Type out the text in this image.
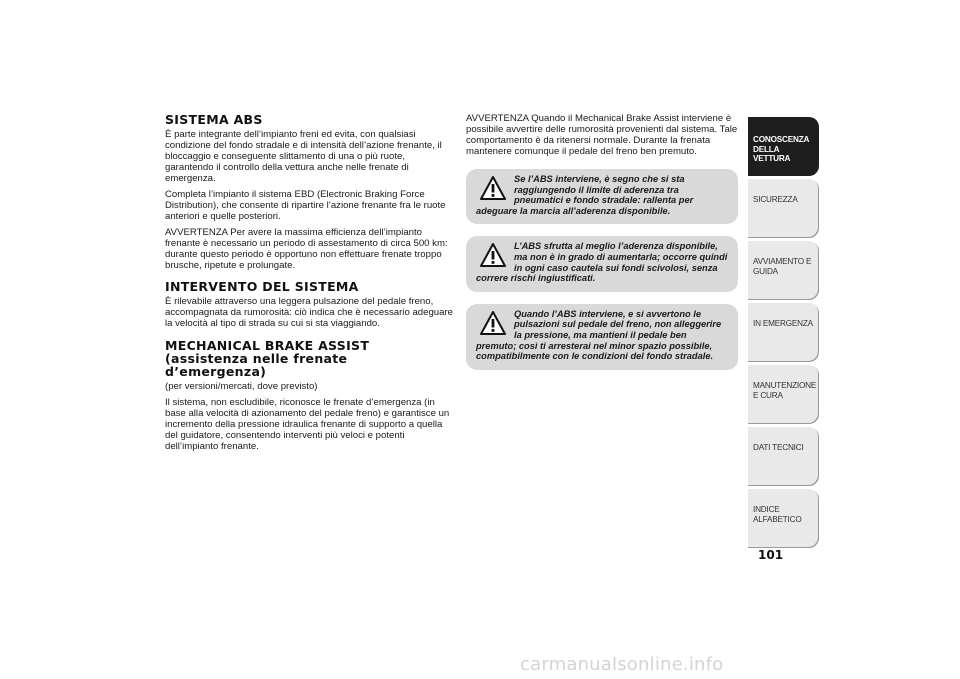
SISTEMA ABS

È parte integrante dell’impianto freni ed evita, con qualsiasi condizione del fondo stradale e di intensità dell’azione frenante, il bloccaggio e conseguente slittamento di una o più ruote, garantendo il controllo della vettura anche nelle frenate di emergenza.

Completa l’impianto il sistema EBD (Electronic Braking Force Distribution), che consente di ripartire l’azione frenante fra le ruote anteriori e quelle posteriori.

AVVERTENZA Per avere la massima efficienza dell’impianto frenante è necessario un periodo di assestamento di circa 500 km: durante questo periodo è opportuno non effettuare frenate troppo brusche, ripetute e prolungate.

INTERVENTO DEL SISTEMA

È rilevabile attraverso una leggera pulsazione del pedale freno, accompagnata da rumorosità: ciò indica che è necessario adeguare la velocità al tipo di strada su cui si sta viaggiando.

MECHANICAL BRAKE ASSIST (assistenza nelle frenate d’emergenza)

(per versioni/mercati, dove previsto)

Il sistema, non escludibile, riconosce le frenate d’emergenza (in base alla velocità di azionamento del pedale freno) e garantisce un incremento della pressione idraulica frenante di supporto a quella del guidatore, consentendo interventi più veloci e potenti dell’impianto frenante.

AVVERTENZA Quando il Mechanical Brake Assist interviene è possibile avvertire delle rumorosità provenienti dal sistema. Tale comportamento è da ritenersi normale. Durante la frenata mantenere comunque il pedale del freno ben premuto.

Se l’ABS interviene, è segno che si sta raggiungendo il limite di aderenza tra pneumatici e fondo stradale: rallenta per adeguare la marcia all’aderenza disponibile.

L’ABS sfrutta al meglio l’aderenza disponibile, ma non è in grado di aumentarla; occorre quindi in ogni caso cautela sui fondi scivolosi, senza correre rischi ingiustificati.

Quando l’ABS interviene, e si avvertono le pulsazioni sul pedale del freno, non alleggerire la pressione, ma mantieni il pedale ben premuto; così ti arresterai nel minor spazio possibile, compatibilmente con le condizioni del fondo stradale.

CONOSCENZA DELLA VETTURA
SICUREZZA
AVVIAMENTO E GUIDA
IN EMERGENZA
MANUTENZIONE E CURA
DATI TECNICI
INDICE ALFABETICO
101
carmanualsonline.info
